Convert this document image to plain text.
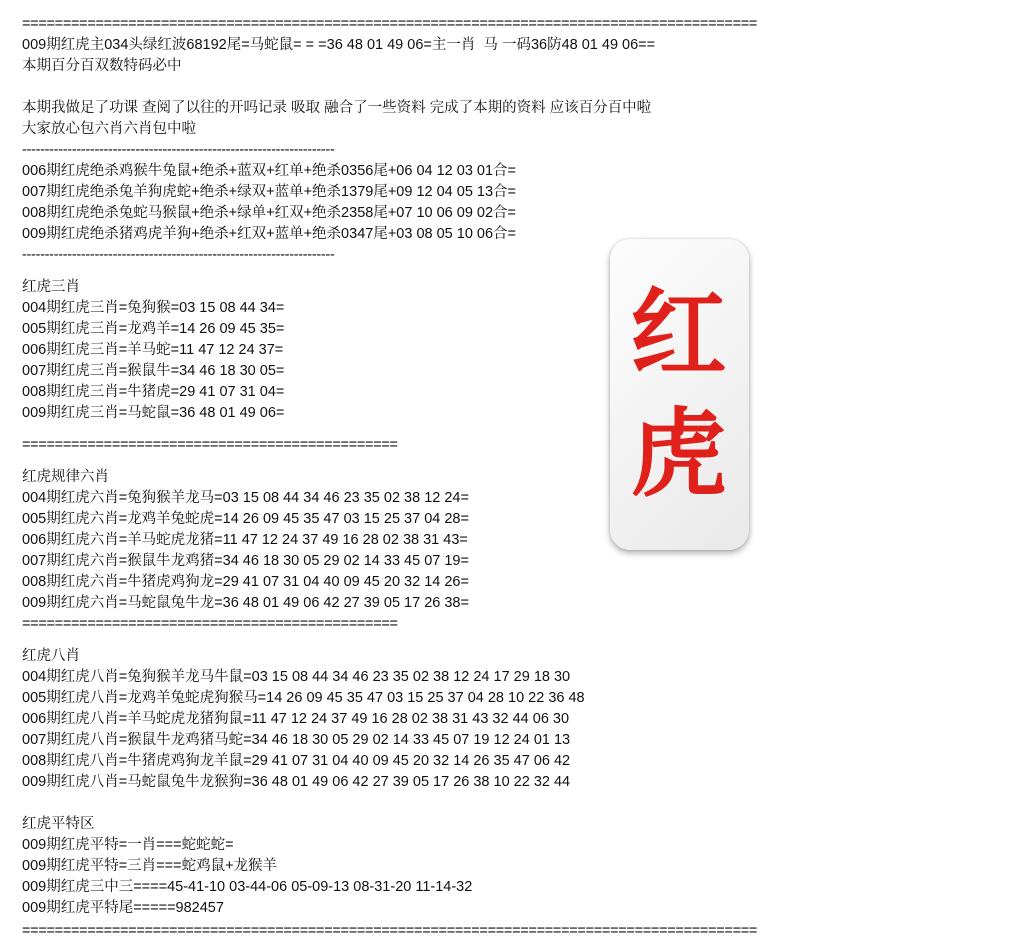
红
虎
==========================================================================================
009期红虎主034头绿红波68192尾=马蛇鼠= = =36 48 01 49 06=主一肖  马 一码36防48 01 49 06==
本期百分百双数特码必中
本期我做足了功课 查阅了以往的开吗记录 吸取 融合了一些资料 完成了本期的资料 应该百分百中啦
大家放心包六肖六肖包中啦
---------------------------------------------------------------------
006期红虎绝杀鸡猴牛兔鼠+绝杀+蓝双+红单+绝杀0356尾+06 04 12 03 01合=
007期红虎绝杀兔羊狗虎蛇+绝杀+绿双+蓝单+绝杀1379尾+09 12 04 05 13合=
008期红虎绝杀兔蛇马猴鼠+绝杀+绿单+红双+绝杀2358尾+07 10 06 09 02合=
009期红虎绝杀猪鸡虎羊狗+绝杀+红双+蓝单+绝杀0347尾+03 08 05 10 06合=
---------------------------------------------------------------------
红虎三肖
004期红虎三肖=兔狗猴=03 15 08 44 34=
005期红虎三肖=龙鸡羊=14 26 09 45 35=
006期红虎三肖=羊马蛇=11 47 12 24 37=
007期红虎三肖=猴鼠牛=34 46 18 30 05=
008期红虎三肖=牛猪虎=29 41 07 31 04=
009期红虎三肖=马蛇鼠=36 48 01 49 06=
==============================================
红虎规律六肖
004期红虎六肖=兔狗猴羊龙马=03 15 08 44 34 46 23 35 02 38 12 24=
005期红虎六肖=龙鸡羊兔蛇虎=14 26 09 45 35 47 03 15 25 37 04 28=
006期红虎六肖=羊马蛇虎龙猪=11 47 12 24 37 49 16 28 02 38 31 43=
007期红虎六肖=猴鼠牛龙鸡猪=34 46 18 30 05 29 02 14 33 45 07 19=
008期红虎六肖=牛猪虎鸡狗龙=29 41 07 31 04 40 09 45 20 32 14 26=
009期红虎六肖=马蛇鼠兔牛龙=36 48 01 49 06 42 27 39 05 17 26 38=
==============================================
红虎八肖
004期红虎八肖=兔狗猴羊龙马牛鼠=03 15 08 44 34 46 23 35 02 38 12 24 17 29 18 30
005期红虎八肖=龙鸡羊兔蛇虎狗猴马=14 26 09 45 35 47 03 15 25 37 04 28 10 22 36 48
006期红虎八肖=羊马蛇虎龙猪狗鼠=11 47 12 24 37 49 16 28 02 38 31 43 32 44 06 30
007期红虎八肖=猴鼠牛龙鸡猪马蛇=34 46 18 30 05 29 02 14 33 45 07 19 12 24 01 13
008期红虎八肖=牛猪虎鸡狗龙羊鼠=29 41 07 31 04 40 09 45 20 32 14 26 35 47 06 42
009期红虎八肖=马蛇鼠兔牛龙猴狗=36 48 01 49 06 42 27 39 05 17 26 38 10 22 32 44
红虎平特区
009期红虎平特=一肖===蛇蛇蛇=
009期红虎平特=三肖===蛇鸡鼠+龙猴羊
009期红虎三中三====45-41-10 03-44-06 05-09-13 08-31-20 11-14-32
009期红虎平特尾=====982457
==========================================================================================
